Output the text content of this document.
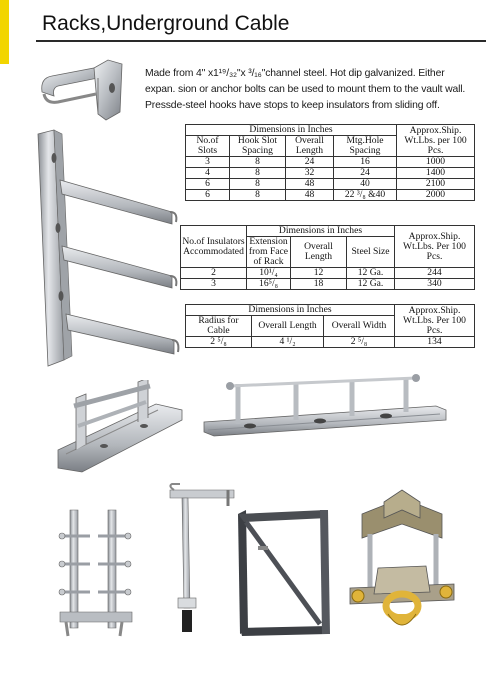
Racks,Underground Cable
Made from 4" x1¹⁹/₃₂"x ³/₁₆"channel steel. Hot dip galvanized. Either expan. sion or anchor bolts can be used to mount them to the vault wall. Pressde-steel hooks have stops to keep insulators from sliding off.
Dimensions in Inches				Approx.Ship. Wt.Lbs. per 100 Pcs.
No.of Slots	Hook Slot Spacing	Overall Length	Mtg.Hole Spacing	
3	8	24	16	1000
4	8	32	24	1400
6	8	48	40	2100
6	8	48	22 ³/₈ &40	2000
No.of Insulators Accommodated	Dimensions in Inches			Approx.Ship. Wt.Lbs. Per 100 Pcs.
	Extension from Face of Rack	Overall Length	Steel Size	
2	10¹/₄	12	12 Ga.	244
3	16⁵/₈	18	12 Ga.	340
Dimensions in Inches			Approx.Ship. Wt.Lbs. Per 100 Pcs.
Radius for Cable	Overall Length	Overall Width	
2 ⁵/₈	4 ¹/₂	2 ⁵/₈	134
